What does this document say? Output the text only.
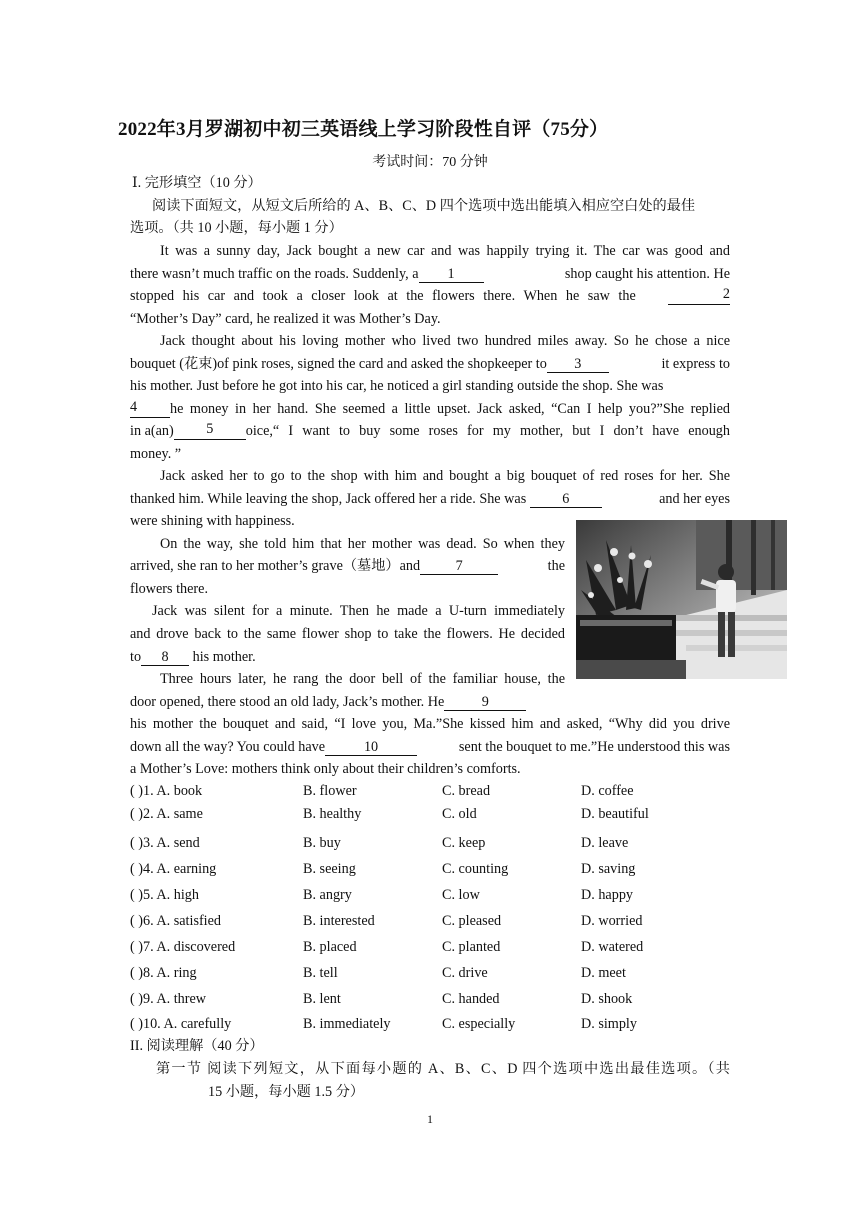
2022年3月罗湖初中初三英语线上学习阶段性自评（75分）
考试时间：70 分钟
Ⅰ. 完形填空（10 分）
阅读下面短文，从短文后所给的 A、B、C、D 四个选项中选出能填入相应空白处的最佳
选项。（共 10 小题，每小题 1 分）
It was a sunny day, Jack bought a new car and was happily trying it. The car was good and
there wasn’t much traffic on the roads. Suddenly, a 1	shop caught his attention. He
stopped his car and took a closer look at the flowers there. When he saw the	2
“Mother’s Day” card, he realized it was Mother’s Day.
Jack thought about his loving mother who lived two hundred miles away. So he chose a nice
bouquet (花束)of pink roses, signed the card and asked the shopkeeper to 3	it express to
his mother. Just before he got into his car, he noticed a girl standing outside the shop. She was
4	he money in her hand. She seemed a little upset. Jack asked, “Can I help you?”She replied
in a(an)	5	oice,“ I want to buy some roses for my mother, but I don’t have enough
money. ”
Jack asked her to go to the shop with him and bought a big bouquet of red roses for her. She
thanked him. While leaving the shop, Jack offered her a ride. She was	6	and her eyes
were shining with happiness.
On the way, she told him that her mother was dead. So when they
arrived, she ran to her mother’s grave（墓地）and 7	the
flowers there.
Jack was silent for a minute. Then he made a U-turn immediately
and drove back to the same flower shop to take the flowers. He decided
to 8 his mother.
Three hours later, he rang the door bell of the familiar house, the
door opened, there stood an old lady, Jack’s mother. He	9
his mother the bouquet and said, “I love you, Ma.”She kissed him and asked, “Why did you drive
down all the way? You could have	10	sent the bouquet to me.”He understood this was
a Mother’s Love: mothers think only about their children’s comforts.
( )1. A. book	B. flower	C. bread	D. coffee
( )2. A. same	B. healthy	C. old	D. beautiful
( )3. A. send	B. buy	C. keep	D. leave
( )4. A. earning	B. seeing	C. counting	D. saving
( )5. A. high	B. angry	C. low	D. happy
( )6. A. satisfied	B. interested	C. pleased	D. worried
( )7. A. discovered	B. placed	C. planted	D. watered
( )8. A. ring	B. tell	C. drive	D. meet
( )9. A. threw	B. lent	C. handed	D. shook
( )10. A. carefully	B. immediately	C. especially	D. simply
II. 阅读理解（40 分）
第一节 阅读下列短文，从下面每小题的 A、B、C、D 四个选项中选出最佳选项。（共
15 小题，每小题 1.5 分）
1
